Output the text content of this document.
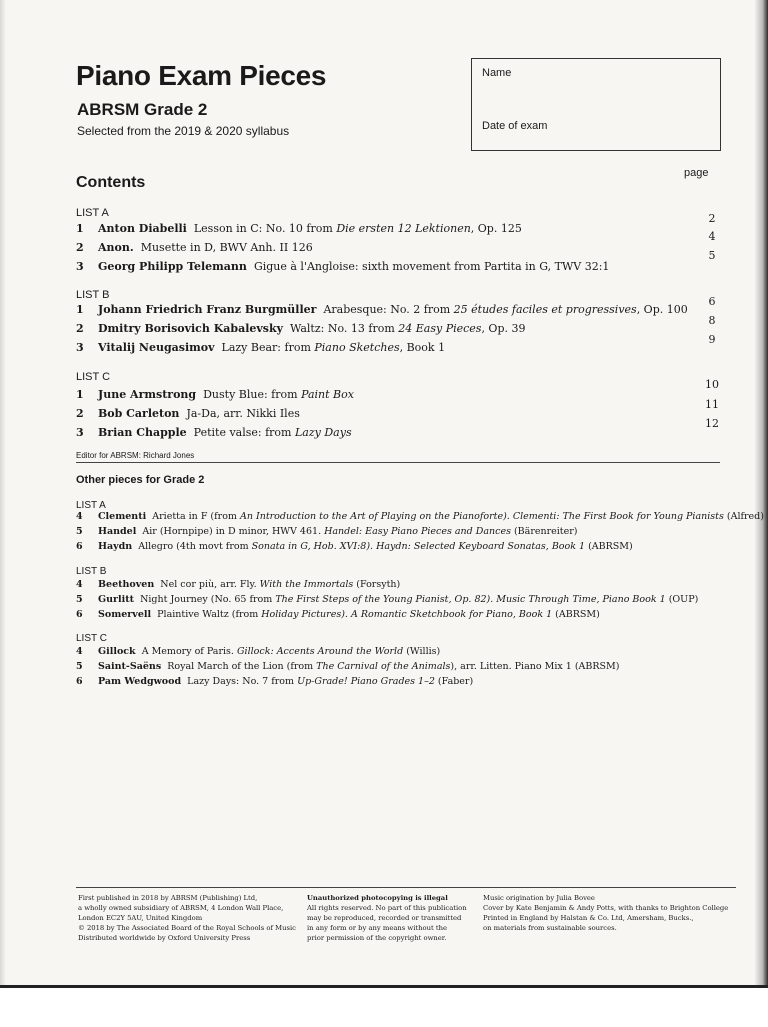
Piano Exam Pieces
ABRSM Grade 2
Selected from the 2019 & 2020 syllabus
Name
Date of exam
Contents
page
LIST A
1 Anton Diabelli Lesson in C: No. 10 from Die ersten 12 Lektionen, Op. 125
2 Anon. Musette in D, BWV Anh. II 126
3 Georg Philipp Telemann Gigue à l'Angloise: sixth movement from Partita in G, TWV 32:1
2
4
5
LIST B
1 Johann Friedrich Franz Burgmüller Arabesque: No. 2 from 25 études faciles et progressives, Op. 100
2 Dmitry Borisovich Kabalevsky Waltz: No. 13 from 24 Easy Pieces, Op. 39
3 Vitalij Neugasimov Lazy Bear: from Piano Sketches, Book 1
6
8
9
LIST C
1 June Armstrong Dusty Blue: from Paint Box
2 Bob Carleton Ja-Da, arr. Nikki Iles
3 Brian Chapple Petite valse: from Lazy Days
10
11
12
Editor for ABRSM: Richard Jones
Other pieces for Grade 2
LIST A
4 Clementi Arietta in F (from An Introduction to the Art of Playing on the Pianoforte). Clementi: The First Book for Young Pianists (Alfred)
5 Handel Air (Hornpipe) in D minor, HWV 461. Handel: Easy Piano Pieces and Dances (Bärenreiter)
6 Haydn Allegro (4th movt from Sonata in G, Hob. XVI:8). Haydn: Selected Keyboard Sonatas, Book 1 (ABRSM)
LIST B
4 Beethoven Nel cor più, arr. Fly. With the Immortals (Forsyth)
5 Gurlitt Night Journey (No. 65 from The First Steps of the Young Pianist, Op. 82). Music Through Time, Piano Book 1 (OUP)
6 Somervell Plaintive Waltz (from Holiday Pictures). A Romantic Sketchbook for Piano, Book 1 (ABRSM)
LIST C
4 Gillock A Memory of Paris. Gillock: Accents Around the World (Willis)
5 Saint-Saëns Royal March of the Lion (from The Carnival of the Animals), arr. Litten. Piano Mix 1 (ABRSM)
6 Pam Wedgwood Lazy Days: No. 7 from Up-Grade! Piano Grades 1–2 (Faber)
First published in 2018 by ABRSM (Publishing) Ltd,
a wholly owned subsidiary of ABRSM, 4 London Wall Place,
London EC2Y 5AU, United Kingdom
© 2018 by The Associated Board of the Royal Schools of Music
Distributed worldwide by Oxford University Press
Unauthorized photocopying is illegal
All rights reserved. No part of this publication
may be reproduced, recorded or transmitted
in any form or by any means without the
prior permission of the copyright owner.
Music origination by Julia Bovee
Cover by Kate Benjamin & Andy Potts, with thanks to Brighton College
Printed in England by Halstan & Co. Ltd, Amersham, Bucks.,
on materials from sustainable sources.
